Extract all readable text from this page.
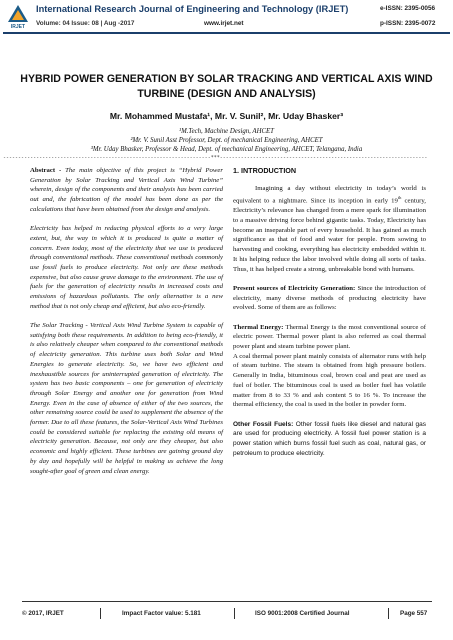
IRJET
International Research Journal of Engineering and Technology (IRJET)
Volume: 04 Issue: 08 | Aug -2017	www.irjet.net
e-ISSN: 2395-0056
p-ISSN: 2395-0072
HYBRID POWER GENERATION BY SOLAR TRACKING AND VERTICAL AXIS WIND TURBINE (DESIGN AND ANALYSIS)
Mr. Mohammed Mustafa¹, Mr. V. Sunil², Mr. Uday Bhasker³
¹M.Tech, Machine Design, AHCET
²Mr. V. Sunil Asst Professor, Dept. of mechanical Engineering, AHCET
³Mr. Uday Bhasker, Professor & Head, Dept. of mechanical Engineering, AHCET, Telangana, India
---------------------------------------------------------------------***---------------------------------------------------------------------

Abstract - The main objective of this project is “Hybrid Power Generation by Solar Tracking and Vertical Axis Wind Turbine” wherein, design of the components and their analysis has been carried out and, the fabrication of the model has been done as per the calculations that have been obtained from the design and analysis.

Electricity has helped in reducing physical efforts to a very large extent, but, the way in which it is produced is quite a matter of concern. Even today, most of the electricity that we use is produced through conventional methods. These conventional methods commonly use fossil fuels to produce electricity. Not only are these methods expensive, but also cause grave damage to the environment. The use of fuels for the generation of electricity results in increased costs and emissions of hazardous pollutants. The only alternative is a new method that is not only cheap and efficient, but also eco-friendly.

The Solar Tracking - Vertical Axis Wind Turbine System is capable of satisfying both these requirements. In addition to being eco-friendly, it is also relatively cheaper when compared to the conventional methods of electricity generation. This turbine uses both Solar and Wind Energies to generate electricity. So, we have two efficient and inexhaustible sources for uninterrupted generation of electricity. The system has two basic components – one for generation of electricity through Solar Energy and another one for generation from Wind Energy. Even in the case of absence of either of the two sources, the other remaining source could be used to supplement the absence of the former. Due to all these features, the Solar-Vertical Axis Wind Turbines could be considered suitable for replacing the existing old means of electricity generation. Because, not only are they cheaper, but also economic and highly efficient. These turbines are gaining ground day by day and hopefully will be helpful in making us achieve the long sought-after goal of green and clean energy.

1. INTRODUCTION

Imagining a day without electricity in today’s world is equivalent to a nightmare. Since its inception in early 19th century, Electricity’s relevance has changed from a mere spark for illumination to a massive driving force behind gigantic tasks. Today, Electricity has become an inseparable part of every household. It has gained as much significance as that of food and water for people. From sowing to harvesting and cooking, everything has electricity embedded within it. It his helping reduce the labor involved while doing all sorts of tasks. Thus, it has helped create a strong, unbreakable bond with humans.

Present sources of Electricity Generation: Since the introduction of electricity, many diverse methods of producing electricity have evolved. Some of them are as follows:

Thermal Energy: Thermal Energy is the most conventional source of electric power. Thermal power plant is also referred as coal thermal power plant and steam turbine power plant.

A coal thermal power plant mainly consists of alternator runs with help of steam turbine. The steam is obtained from high pressure boilers. Generally in India, bituminous coal, brown coal and peat are used as fuel of boiler. The bituminous coal is used as boiler fuel has volatile matter from 8 to 33 % and ash content 5 to 16 %. To increase the thermal efficiency, the coal is used in the boiler in powder form.

Other Fossil Fuels: Other fossil fuels like diesel and natural gas are used for producing electricity. A fossil fuel power station is a power station which burns fossil fuel such as coal, natural gas, or petroleum to produce electricity.

© 2017, IRJET	Impact Factor value: 5.181	ISO 9001:2008 Certified Journal	Page 557
